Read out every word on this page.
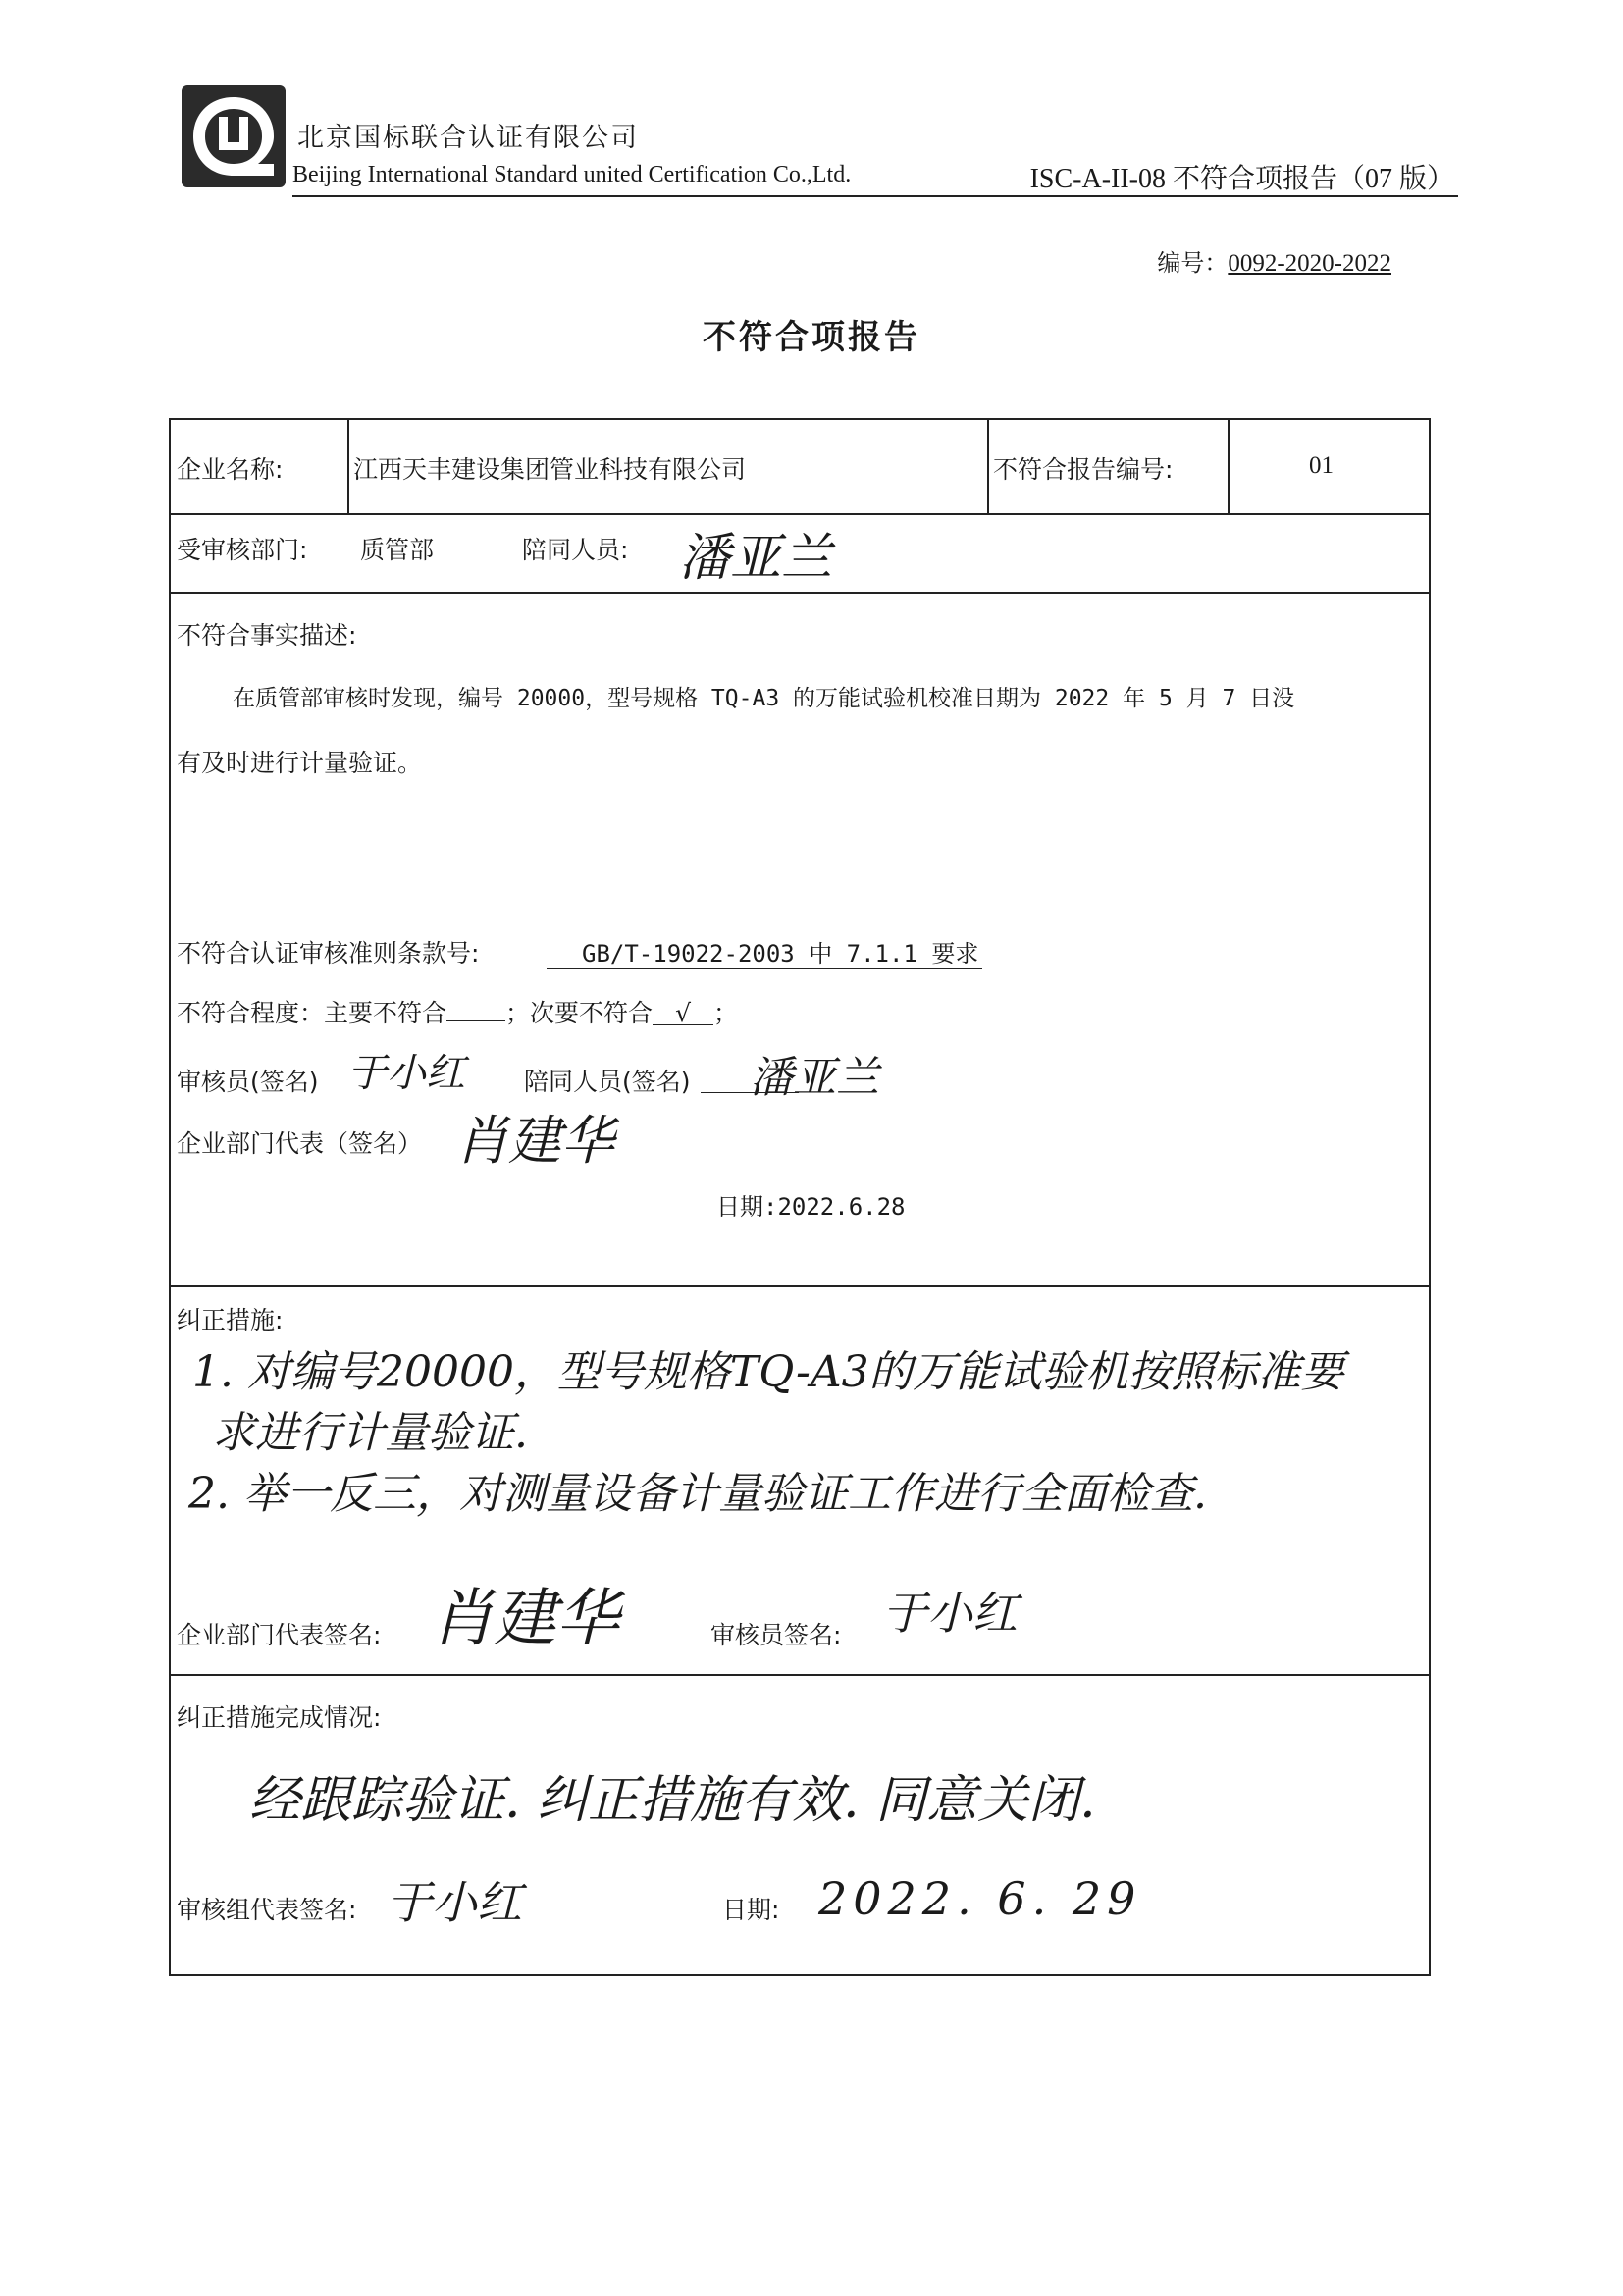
北京国标联合认证有限公司
Beijing International Standard united Certification Co.,Ltd.	ISC-A-II-08 不符合项报告（07 版）
编号：0092-2020-2022
不符合项报告
企业名称:	江西天丰建设集团管业科技有限公司	不符合报告编号:	01
受审核部门: 质管部	陪同人员: 潘亚兰
不符合事实描述:
在质管部审核时发现，编号 20000，型号规格 TQ-A3 的万能试验机校准日期为 2022 年 5 月 7 日没
有及时进行计量验证。
不符合认证审核准则条款号:	GB/T-19022-2003 中 7.1.1 要求
不符合程度：主要不符合 ；次要不符合 √ ；
审核员(签名) 于小红 陪同人员(签名) 潘亚兰
企业部门代表（签名） 肖建华
日期:2022.6.28
纠正措施:
1. 对编号20000，型号规格TQ-A3的万能试验机按照标准要
求进行计量验证.
2. 举一反三，对测量设备计量验证工作进行全面检查.
企业部门代表签名: 肖建华	审核员签名: 于小红
纠正措施完成情况:
经跟踪验证. 纠正措施有效. 同意关闭.
审核组代表签名: 于小红	日期: 2022. 6. 29
